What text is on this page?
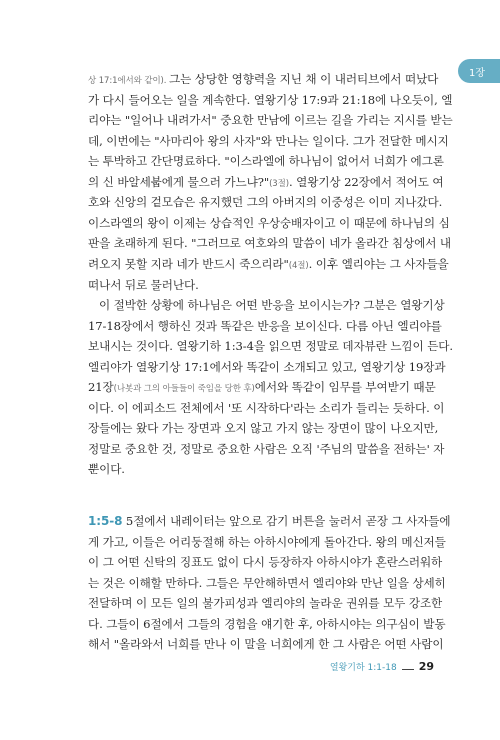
1장
상 17:1에서와 같이). 그는 상당한 영향력을 지닌 채 이 내러티브에서 떠났다
가 다시 들어오는 일을 계속한다. 열왕기상 17:9과 21:18에 나오듯이, 엘
리야는 "일어나 내려가서" 중요한 만남에 이르는 길을 가리는 지시를 받는
데, 이번에는 "사마리아 왕의 사자"와 만나는 일이다. 그가 전달한 메시지
는 투박하고 간단명료하다. "이스라엘에 하나님이 없어서 너희가 에그론
의 신 바알세붑에게 물으러 가느냐?"(3절). 열왕기상 22장에서 적어도 여
호와 신앙의 겉모습은 유지했던 그의 아버지의 이중성은 이미 지나갔다.
이스라엘의 왕이 이제는 상습적인 우상숭배자이고 이 때문에 하나님의 심
판을 초래하게 된다. "그러므로 여호와의 말씀이 네가 올라간 침상에서 내
려오지 못할 지라 네가 반드시 죽으리라"(4절). 이후 엘리야는 그 사자들을
떠나서 뒤로 물러난다.
이 절박한 상황에 하나님은 어떤 반응을 보이시는가? 그분은 열왕기상
17-18장에서 행하신 것과 똑같은 반응을 보이신다. 다름 아닌 엘리야를
보내시는 것이다. 열왕기하 1:3-4을 읽으면 정말로 데자뷰란 느낌이 든다.
엘리야가 열왕기상 17:1에서와 똑같이 소개되고 있고, 열왕기상 19장과
21장(나봇과 그의 아들들이 죽임을 당한 후)에서와 똑같이 임무를 부여받기 때문
이다. 이 에피소드 전체에서 '또 시작하다'라는 소리가 들리는 듯하다. 이
장들에는 왔다 가는 장면과 오지 않고 가지 않는 장면이 많이 나오지만,
정말로 중요한 것, 정말로 중요한 사람은 오직 '주님의 말씀을 전하는' 자
뿐이다.
1:5-8 5절에서 내레이터는 앞으로 감기 버튼을 눌러서 곧장 그 사자들에
게 가고, 이들은 어리둥절해 하는 아하시야에게 돌아간다. 왕의 메신저들
이 그 어떤 신탁의 징표도 없이 다시 등장하자 아하시야가 혼란스러워하
는 것은 이해할 만하다. 그들은 무안해하면서 엘리야와 만난 일을 상세히
전달하며 이 모든 일의 불가피성과 엘리야의 놀라운 권위를 모두 강조한
다. 그들이 6절에서 그들의 경험을 얘기한 후, 아하시야는 의구심이 발동
해서 "올라와서 너희를 만나 이 말을 너희에게 한 그 사람은 어떤 사람이
열왕기하 1:1-18 29
